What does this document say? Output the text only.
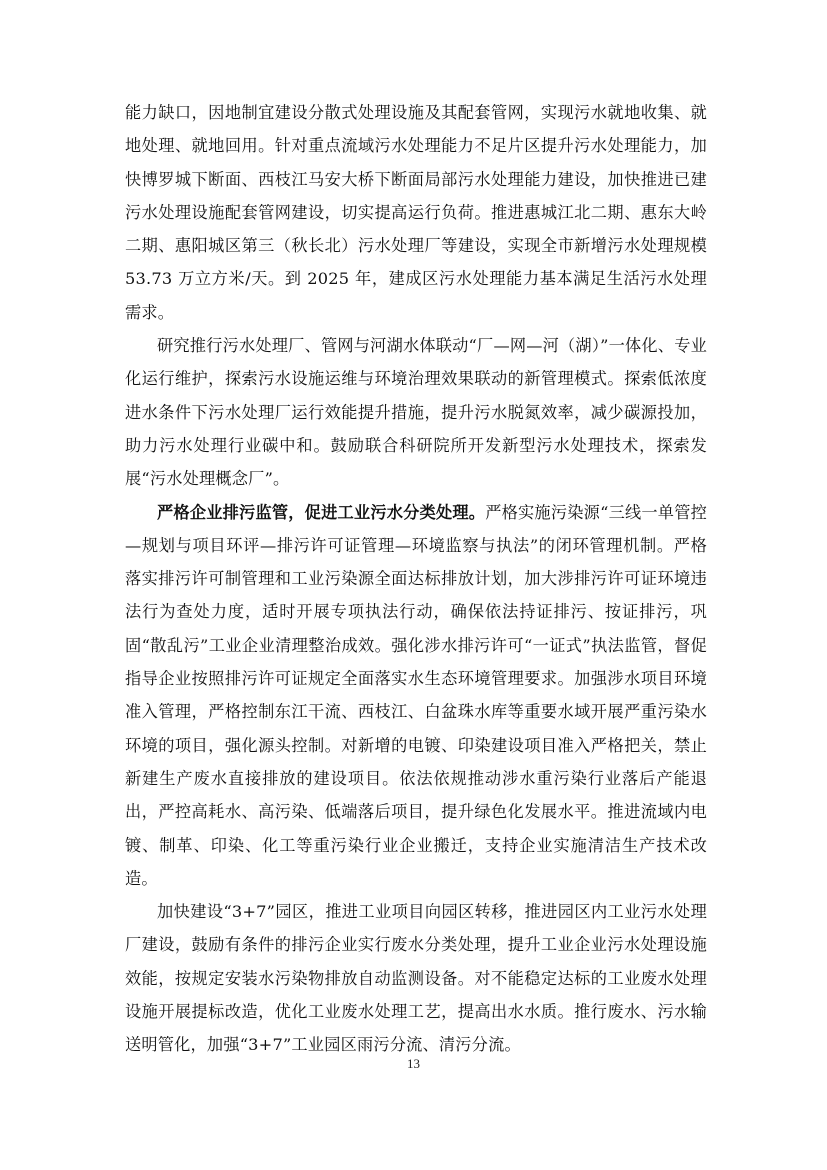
能力缺口，因地制宜建设分散式处理设施及其配套管网，实现污水就地收集、就地处理、就地回用。针对重点流域污水处理能力不足片区提升污水处理能力，加快博罗城下断面、西枝江马安大桥下断面局部污水处理能力建设，加快推进已建污水处理设施配套管网建设，切实提高运行负荷。推进惠城江北二期、惠东大岭二期、惠阳城区第三（秋长北）污水处理厂等建设，实现全市新增污水处理规模 53.73 万立方米/天。到 2025 年，建成区污水处理能力基本满足生活污水处理需求。

研究推行污水处理厂、管网与河湖水体联动“厂—网—河（湖）”一体化、专业化运行维护，探索污水设施运维与环境治理效果联动的新管理模式。探索低浓度进水条件下污水处理厂运行效能提升措施，提升污水脱氮效率，减少碳源投加，助力污水处理行业碳中和。鼓励联合科研院所开发新型污水处理技术，探索发展“污水处理概念厂”。

严格企业排污监管，促进工业污水分类处理。严格实施污染源“三线一单管控—规划与项目环评—排污许可证管理—环境监察与执法”的闭环管理机制。严格落实排污许可制管理和工业污染源全面达标排放计划，加大涉排污许可证环境违法行为查处力度，适时开展专项执法行动，确保依法持证排污、按证排污，巩固“散乱污”工业企业清理整治成效。强化涉水排污许可“一证式”执法监管，督促指导企业按照排污许可证规定全面落实水生态环境管理要求。加强涉水项目环境准入管理，严格控制东江干流、西枝江、白盆珠水库等重要水域开展严重污染水环境的项目，强化源头控制。对新增的电镀、印染建设项目准入严格把关，禁止新建生产废水直接排放的建设项目。依法依规推动涉水重污染行业落后产能退出，严控高耗水、高污染、低端落后项目，提升绿色化发展水平。推进流域内电镀、制革、印染、化工等重污染行业企业搬迁，支持企业实施清洁生产技术改造。

加快建设“3+7”园区，推进工业项目向园区转移，推进园区内工业污水处理厂建设，鼓励有条件的排污企业实行废水分类处理，提升工业企业污水处理设施效能，按规定安装水污染物排放自动监测设备。对不能稳定达标的工业废水处理设施开展提标改造，优化工业废水处理工艺，提高出水水质。推行废水、污水输送明管化，加强“3+7”工业园区雨污分流、清污分流。

13
